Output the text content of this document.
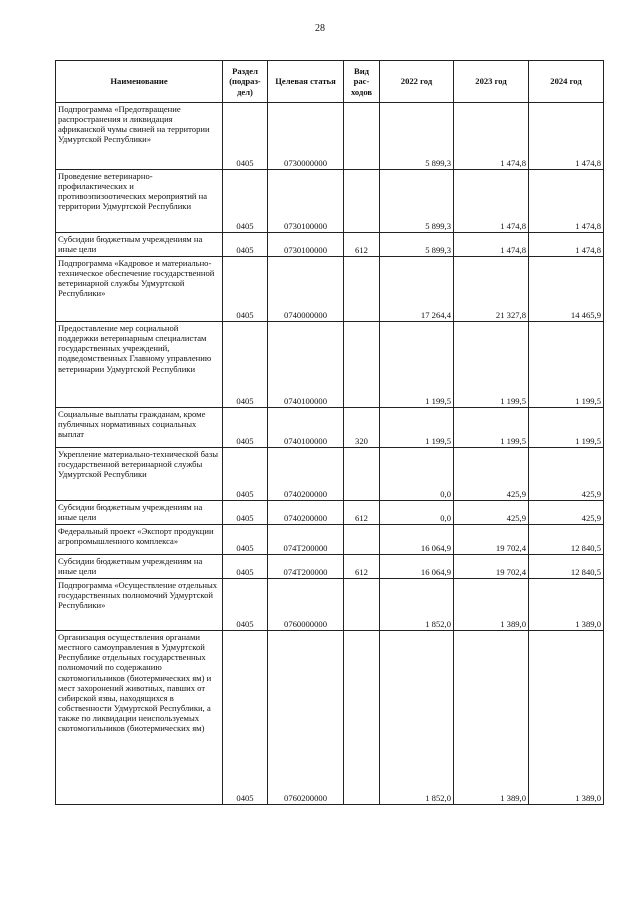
28
Наименование	Раздел (подраз-дел)	Целевая статья	Вид рас-ходов	2022 год	2023 год	2024 год
Подпрограмма «Предотвращение распространения и ликвидация африканской чумы свиней на территории Удмуртской Республики»	0405	0730000000		5 899,3	1 474,8	1 474,8
Проведение ветеринарно-профилактических и противоэпизоотических мероприятий на территории Удмуртской Республики	0405	0730100000		5 899,3	1 474,8	1 474,8
Субсидии бюджетным учреждениям на иные цели	0405	0730100000	612	5 899,3	1 474,8	1 474,8
Подпрограмма «Кадровое и материально-техническое обеспечение государственной ветеринарной службы Удмуртской Республики»	0405	0740000000		17 264,4	21 327,8	14 465,9
Предоставление мер социальной поддержки ветеринарным специалистам государственных учреждений, подведомственных Главному управлению ветеринарии Удмуртской Республики	0405	0740100000		1 199,5	1 199,5	1 199,5
Социальные выплаты гражданам, кроме публичных нормативных социальных выплат	0405	0740100000	320	1 199,5	1 199,5	1 199,5
Укрепление материально-технической базы государственной ветеринарной службы Удмуртской Республики	0405	0740200000		0,0	425,9	425,9
Субсидии бюджетным учреждениям на иные цели	0405	0740200000	612	0,0	425,9	425,9
Федеральный проект «Экспорт продукции агропромышленного комплекса»	0405	074T200000		16 064,9	19 702,4	12 840,5
Субсидии бюджетным учреждениям на иные цели	0405	074T200000	612	16 064,9	19 702,4	12 840,5
Подпрограмма «Осуществление отдельных государственных полномочий Удмуртской Республики»	0405	0760000000		1 852,0	1 389,0	1 389,0
Организация осуществления органами местного самоуправления в Удмуртской Республике отдельных государственных полномочий по содержанию скотомогильников (биотермических ям) и мест захоронений животных, павших от сибирской язвы, находящихся в собственности Удмуртской Республики, а также по ликвидации неиспользуемых скотомогильников (биотермических ям)	0405	0760200000		1 852,0	1 389,0	1 389,0
